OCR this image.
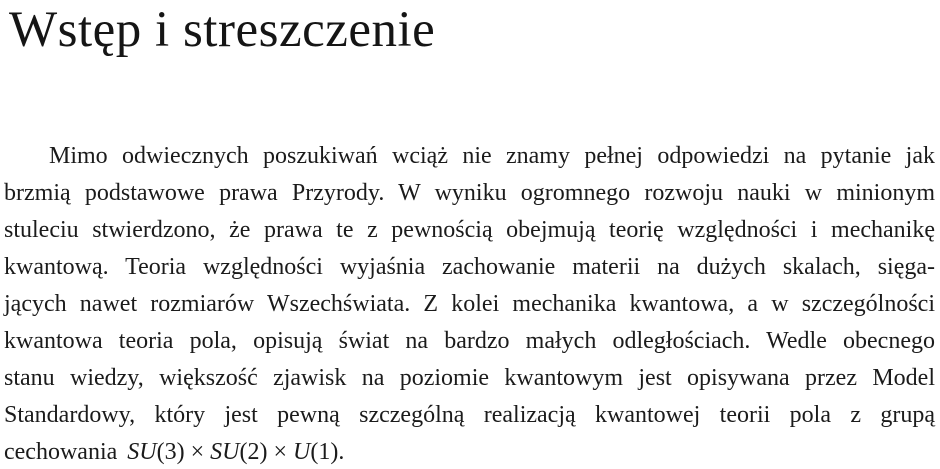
Wstęp i streszczenie
Mimo odwiecznych poszukiwań wciąż nie znamy pełnej odpowiedzi na pytanie jak
brzmią podstawowe prawa Przyrody. W wyniku ogromnego rozwoju nauki w minionym
stuleciu stwierdzono, że prawa te z pewnością obejmują teorię względności i mechanikę
kwantową. Teoria względności wyjaśnia zachowanie materii na dużych skalach, sięga-
jących nawet rozmiarów Wszechświata. Z kolei mechanika kwantowa, a w szczególności
kwantowa teoria pola, opisują świat na bardzo małych odległościach. Wedle obecnego
stanu wiedzy, większość zjawisk na poziomie kwantowym jest opisywana przez Model
Standardowy, który jest pewną szczególną realizacją kwantowej teorii pola z grupą
cechowania SU(3) × SU(2) × U(1).
